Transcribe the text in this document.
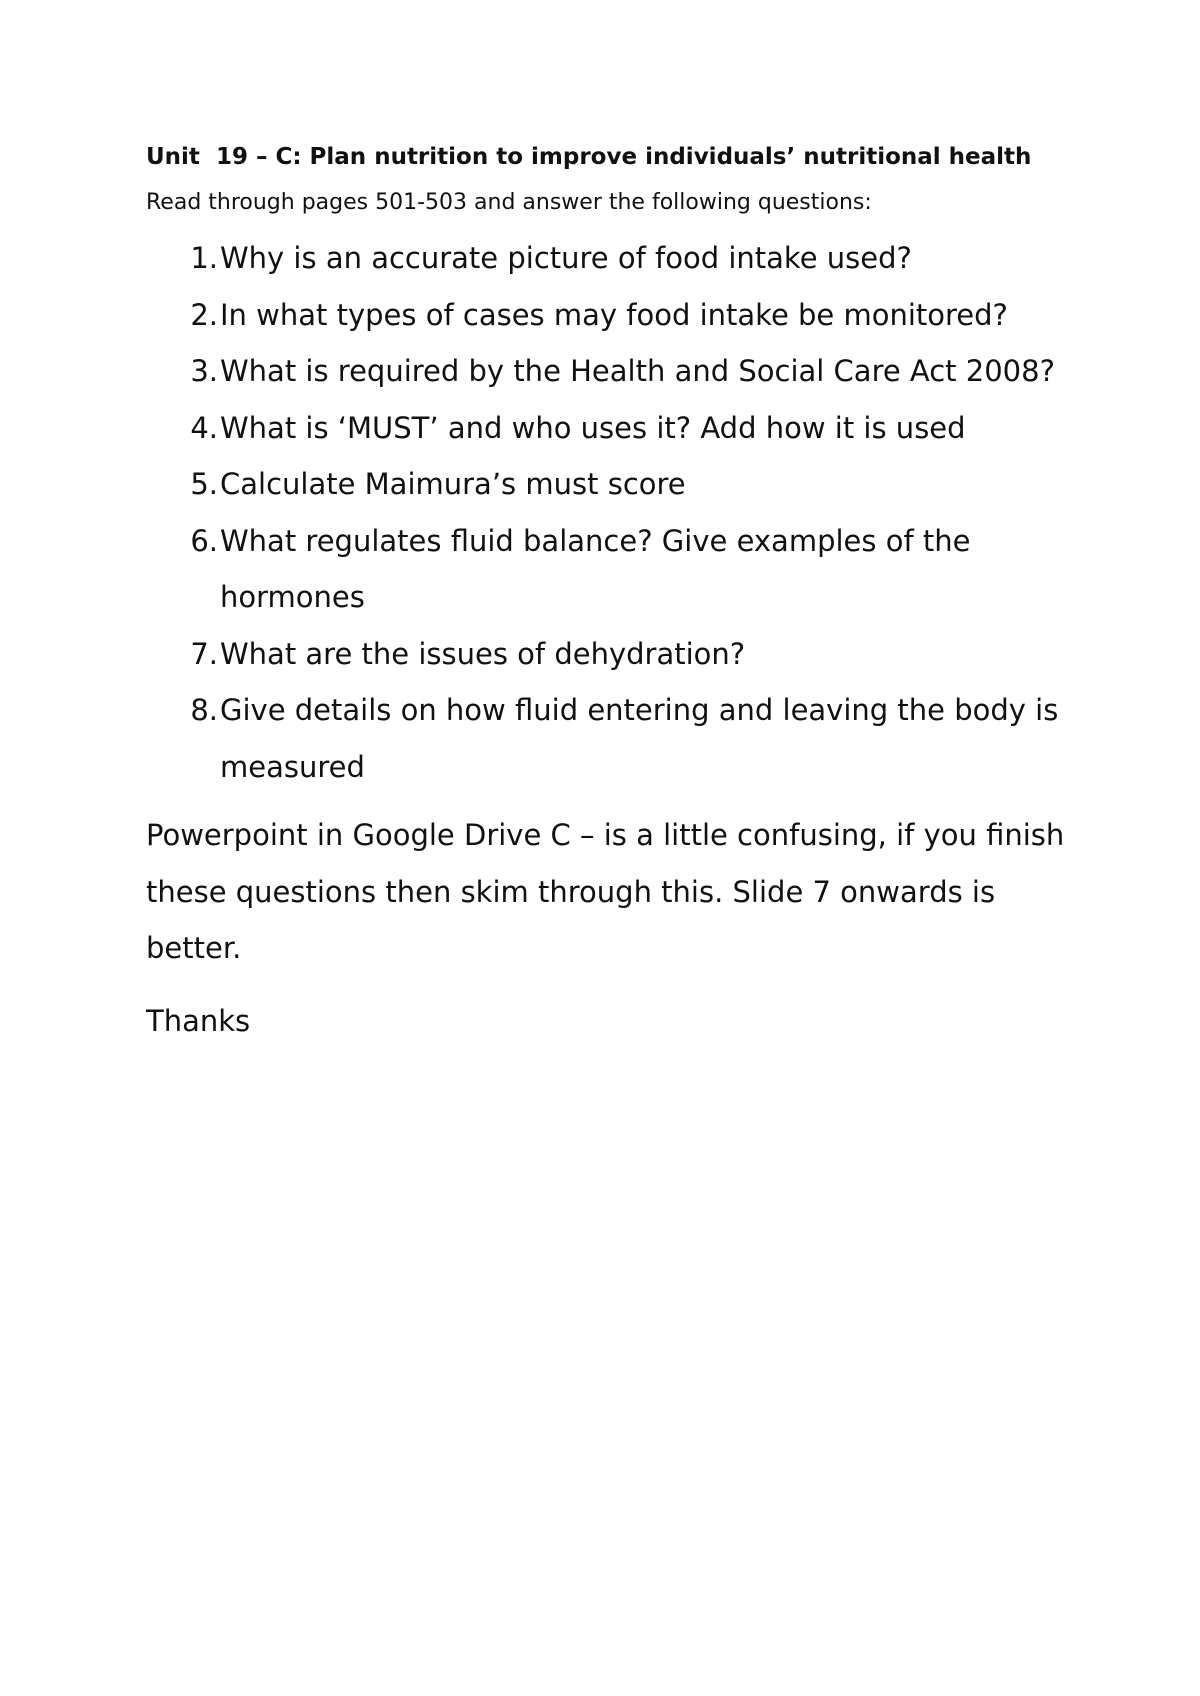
Unit  19 – C: Plan nutrition to improve individuals’ nutritional health

Read through pages 501-503 and answer the following questions:

1. Why is an accurate picture of food intake used?
2. In what types of cases may food intake be monitored?
3. What is required by the Health and Social Care Act 2008?
4. What is ‘MUST’ and who uses it? Add how it is used
5. Calculate Maimura’s must score
6. What regulates fluid balance? Give examples of the hormones
7. What are the issues of dehydration?
8. Give details on how fluid entering and leaving the body is measured

Powerpoint in Google Drive C – is a little confusing, if you finish these questions then skim through this. Slide 7 onwards is better.

Thanks
